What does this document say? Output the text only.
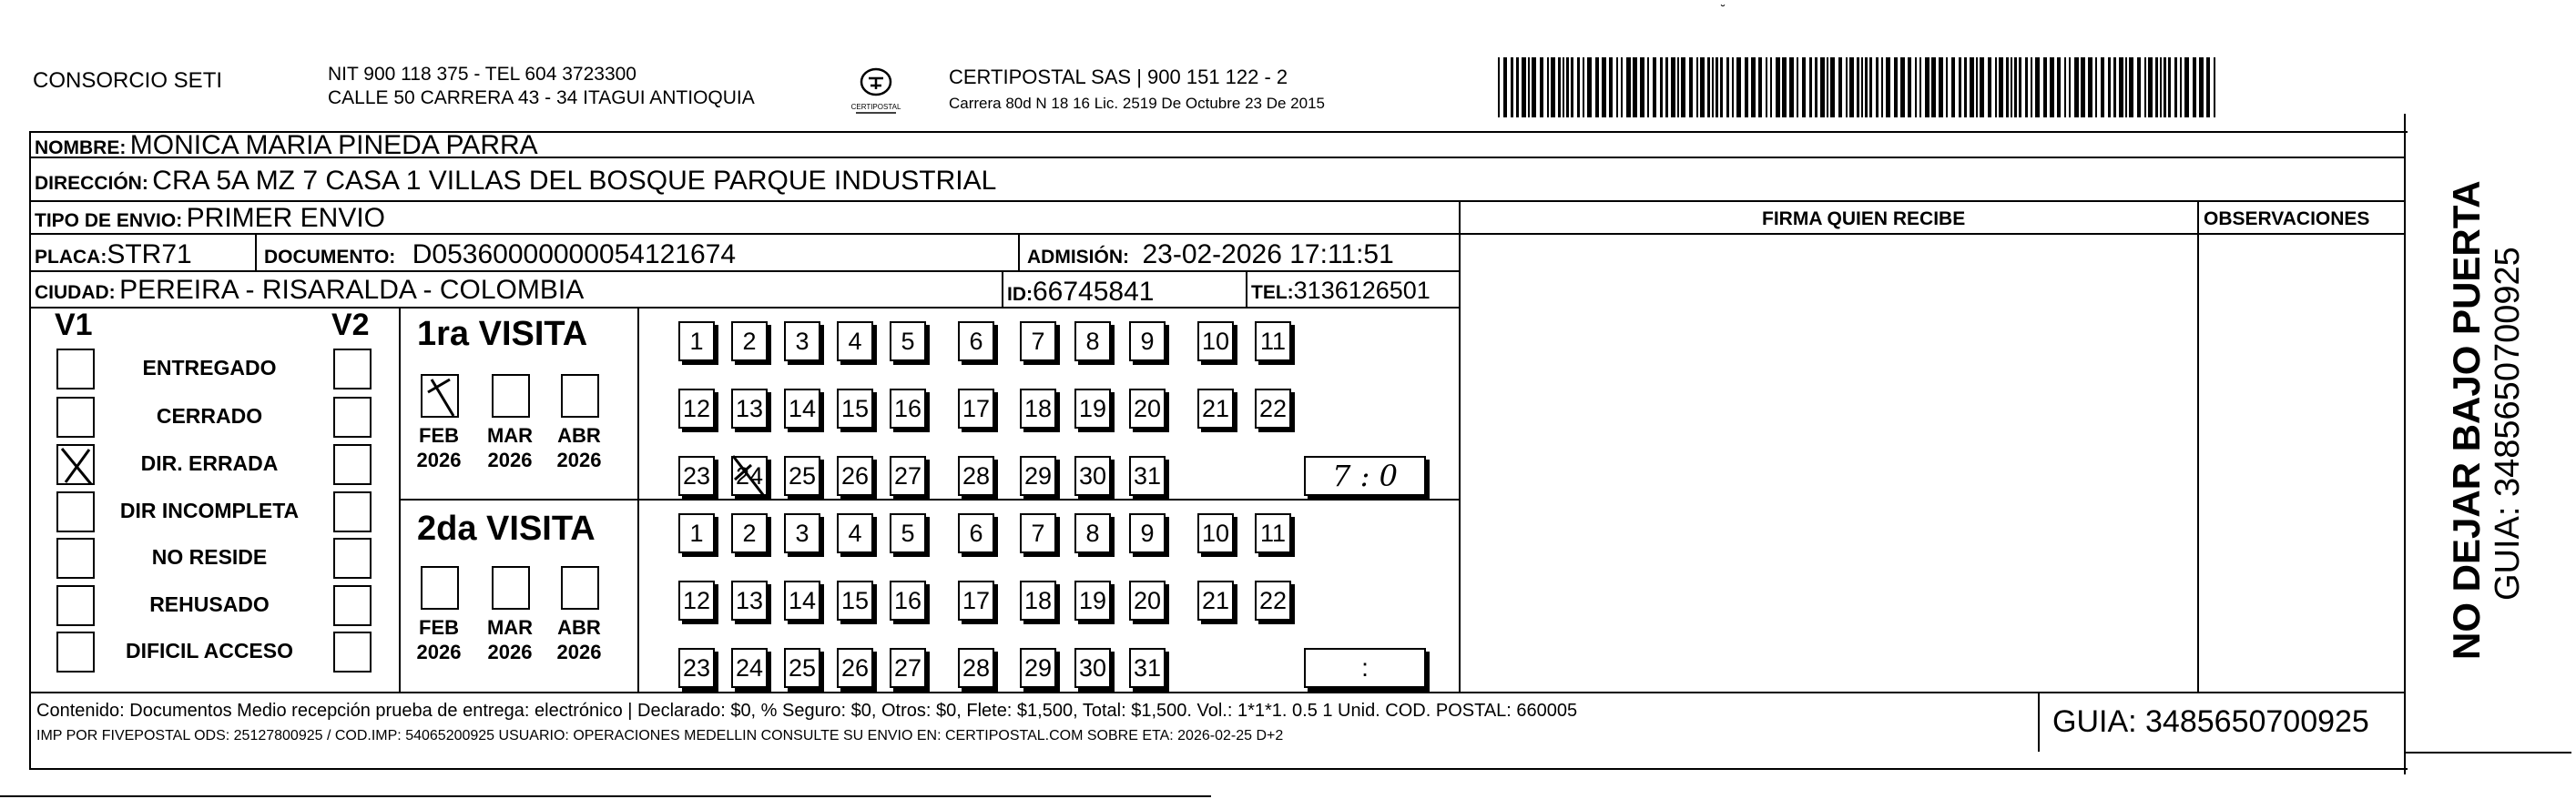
CONSORCIO SETI	NIT 900 118 375 - TEL 604 3723300
CALLE 50 CARRERA 43 - 34 ITAGUI ANTIOQUIA	CERTIPOSTAL
CERTIPOSTAL SAS | 900 151 122 - 2
Carrera 80d N 18 16 Lic. 2519 De Octubre 23 De 2015
˘
NOMBRE: MONICA MARIA PINEDA PARRA
DIRECCIÓN: CRA 5A MZ 7 CASA 1 VILLAS DEL BOSQUE PARQUE INDUSTRIAL
TIPO DE ENVIO: PRIMER ENVIO	FIRMA QUIEN RECIBE	OBSERVACIONES
PLACA:STR71	DOCUMENTO: D05360000000054121674	ADMISIÓN: 23-02-2026 17:11:51
CIUDAD: PEREIRA - RISARALDA - COLOMBIA	ID:66745841	TEL:3136126501
V1	V2
ENTREGADO
CERRADO
DIR. ERRADA
DIR INCOMPLETA
NO RESIDE
REHUSADO
DIFICIL ACCESO
1ra VISITA
2da VISITA
FEB
2026
MAR
2026
ABR
2026
1	2	3	4	5	6	7	8	9	10 11
12 13 14 15 16 17 18 19 20 21 22
23 24 25 26 27 28 29 30 31	7 : 0
FEB
2026
MAR
2026
ABR
2026
1	2	3	4	5	6	7	8	9	10 11
12 13 14 15 16 17 18 19 20 21 22
23 24 25 26 27 28 29 30 31	:
Contenido: Documentos Medio recepción prueba de entrega: electrónico | Declarado: $0, % Seguro: $0, Otros: $0, Flete: $1,500, Total: $1,500. Vol.: 1*1*1. 0.5 1 Unid. COD. POSTAL: 660005
IMP POR FIVEPOSTAL ODS: 25127800925 / COD.IMP: 54065200925 USUARIO: OPERACIONES MEDELLIN CONSULTE SU ENVIO EN: CERTIPOSTAL.COM SOBRE ETA: 2026-02-25 D+2	GUIA: 3485650700925
NO DEJAR BAJO PUERTA GUIA: 3485650700925
